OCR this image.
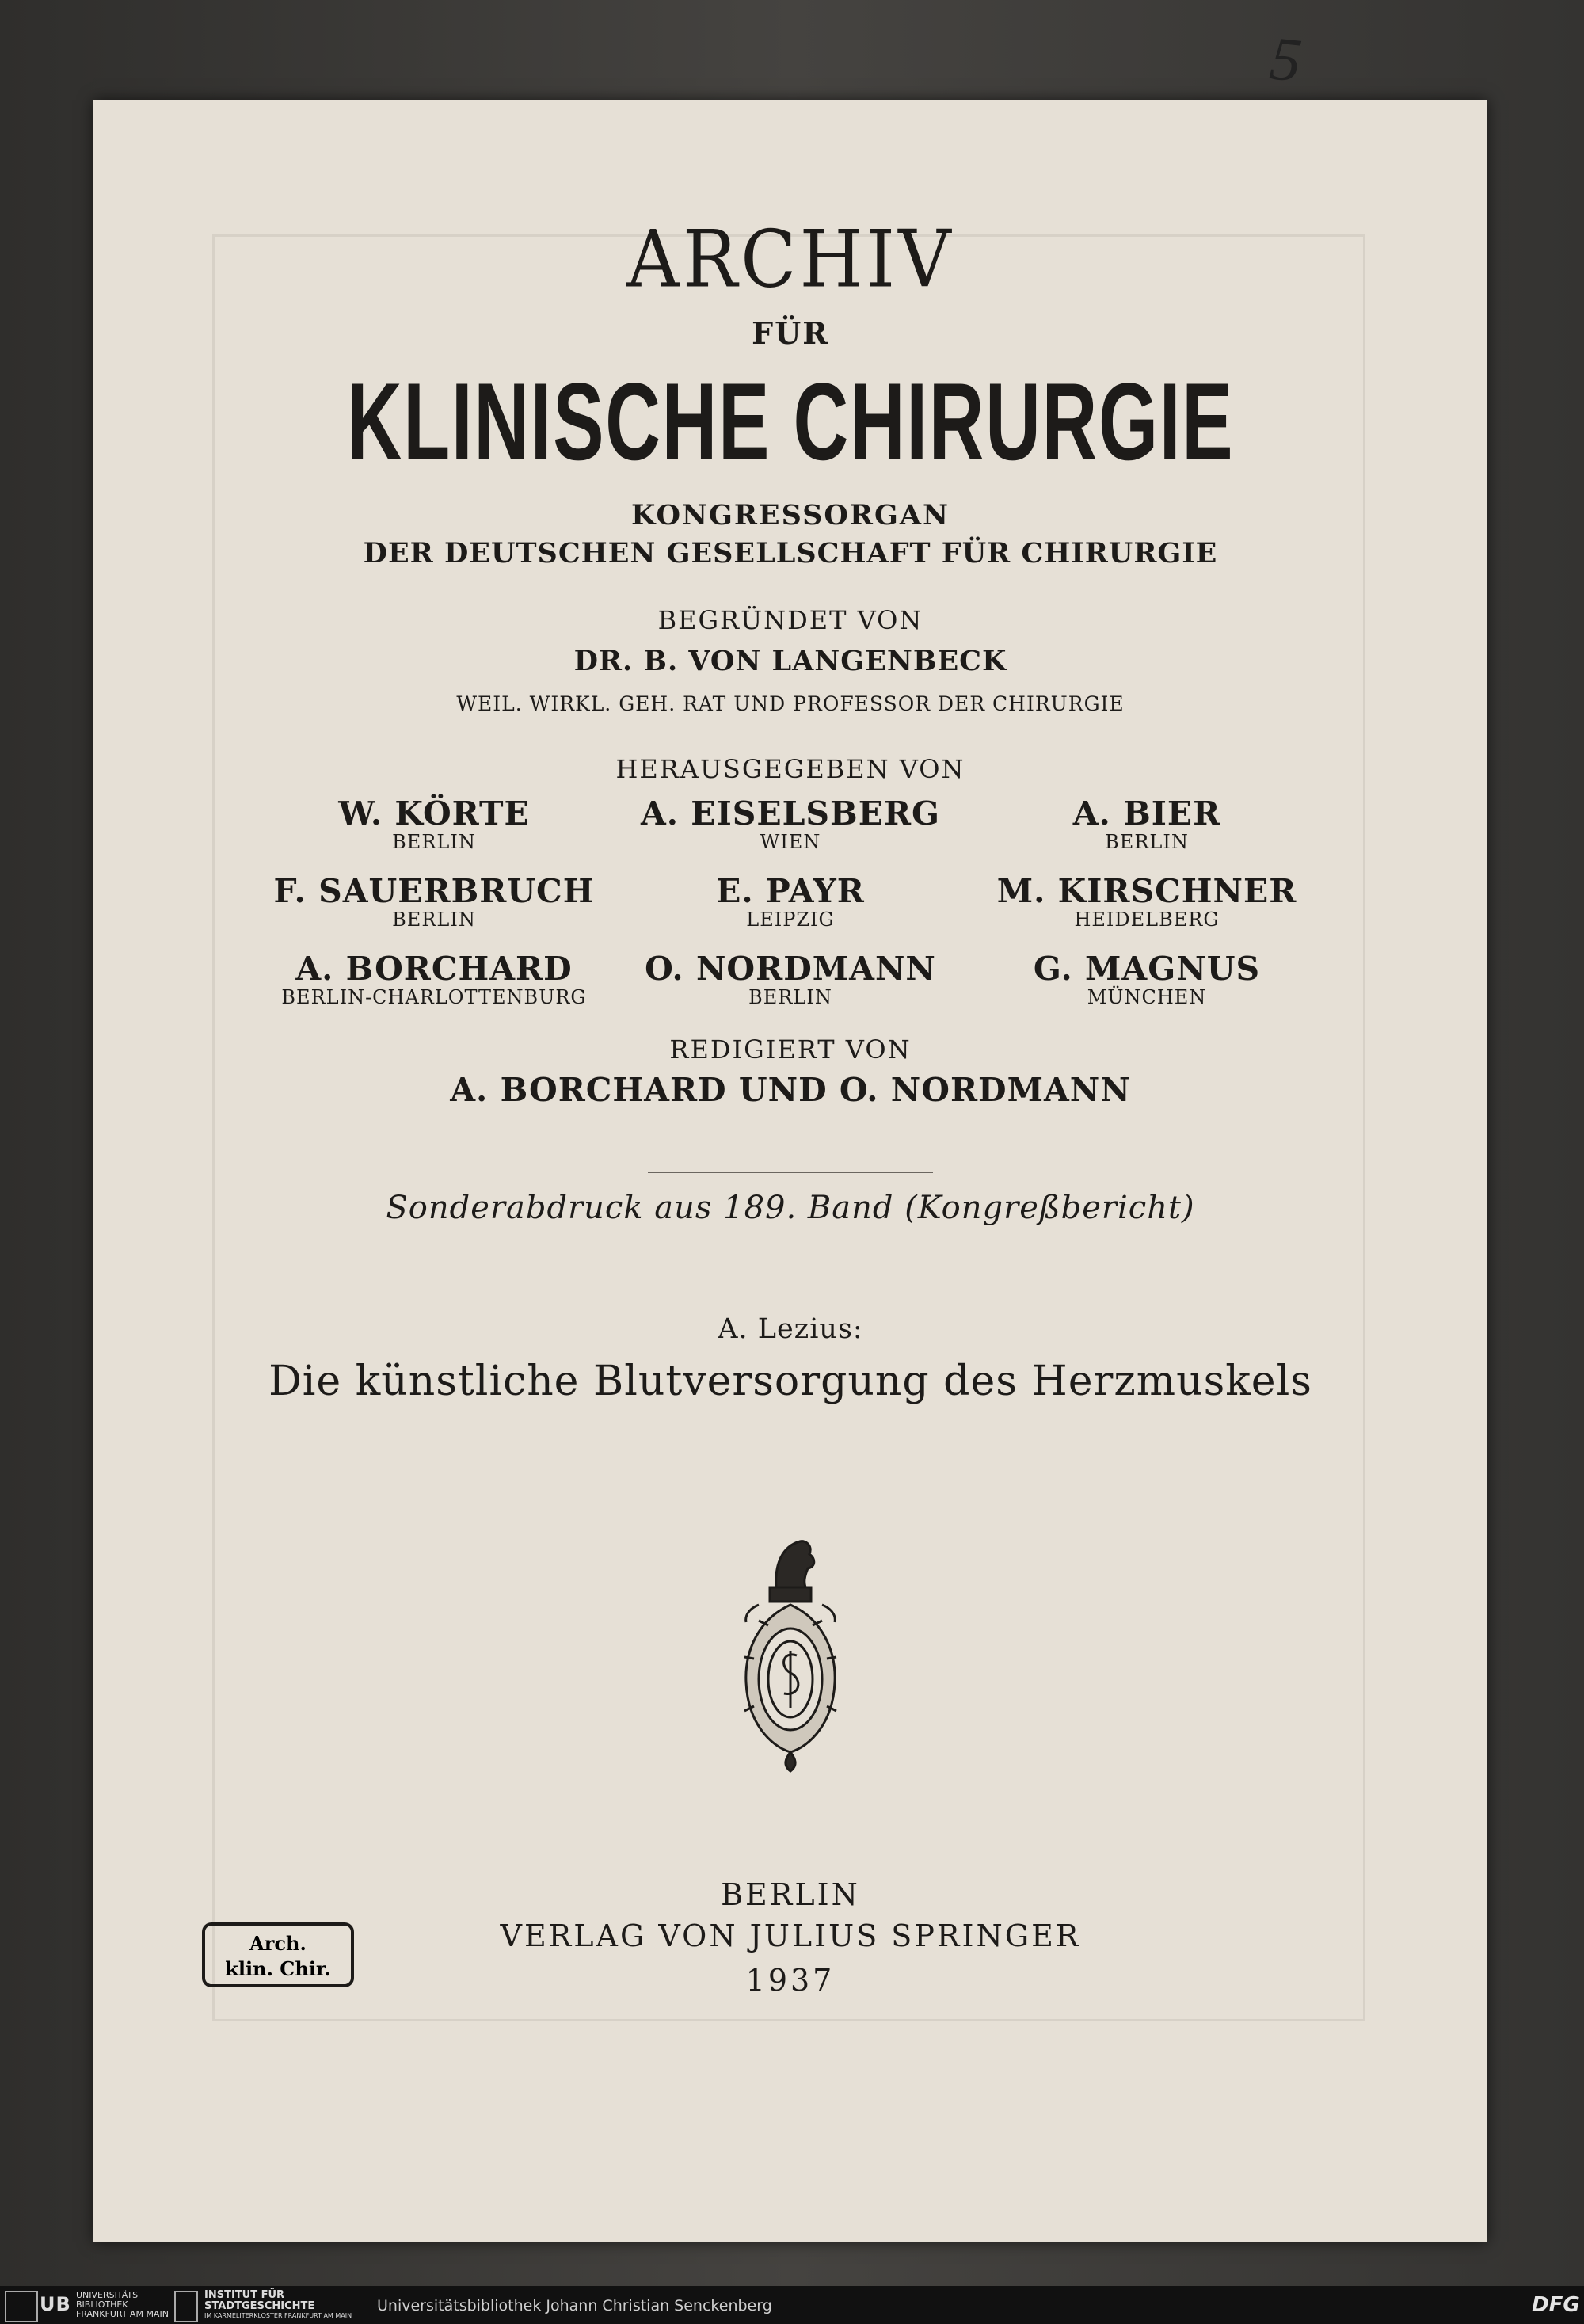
5
ARCHIV
FÜR
KLINISCHE CHIRURGIE
KONGRESSORGAN
DER DEUTSCHEN GESELLSCHAFT FÜR CHIRURGIE
BEGRÜNDET VON
DR. B. VON LANGENBECK
WEIL. WIRKL. GEH. RAT UND PROFESSOR DER CHIRURGIE
HERAUSGEGEBEN VON
W. KÖRTE
BERLIN
A. EISELSBERG
WIEN
A. BIER
BERLIN
F. SAUERBRUCH
BERLIN
E. PAYR
LEIPZIG
M. KIRSCHNER
HEIDELBERG
A. BORCHARD
BERLIN-CHARLOTTENBURG
O. NORDMANN
BERLIN
G. MAGNUS
MÜNCHEN
REDIGIERT VON
A. BORCHARD UND O. NORDMANN
Sonderabdruck aus 189. Band (Kongreßbericht)
A. Lezius:
Die künstliche Blutversorgung des Herzmuskels
BERLIN
VERLAG VON JULIUS SPRINGER
1937
Arch.
klin. Chir.
UB UNIVERSITÄTS
BIBLIOTHEK
FRANKFURT AM MAIN
INSTITUT FÜR
STADTGESCHICHTE
IM KARMELITERKLOSTER FRANKFURT AM MAIN
Universitätsbibliothek Johann Christian Senckenberg	DFG
